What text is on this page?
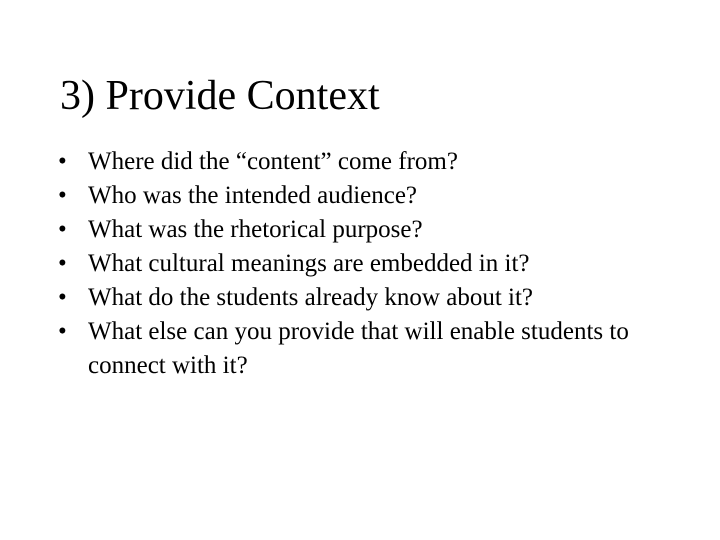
3) Provide Context
• Where did the “content” come from?
• Who was the intended audience?
• What was the rhetorical purpose?
• What cultural meanings are embedded in it?
• What do the students already know about it?
• What else can you provide that will enable students to connect with it?
